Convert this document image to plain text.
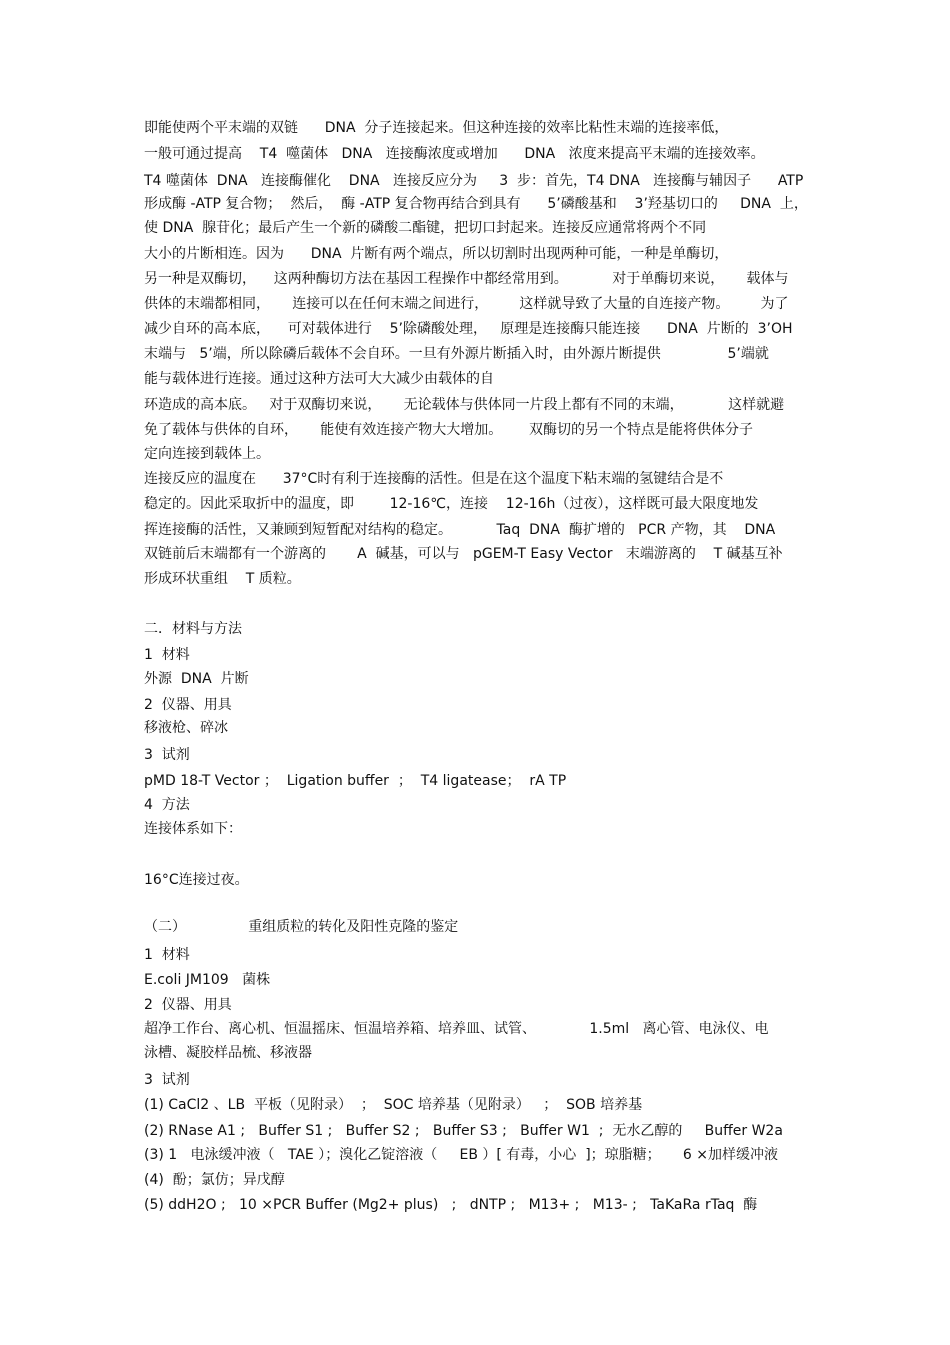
即能使两个平末端的双链      DNA  分子连接起来。但这种连接的效率比粘性末端的连接率低，
一般可通过提高    T4  噬菌体   DNA   连接酶浓度或增加      DNA   浓度来提高平末端的连接效率。
T4 噬菌体  DNA   连接酶催化    DNA   连接反应分为     3  步：首先，T4 DNA   连接酶与辅因子      ATP
形成酶 -ATP 复合物；  然后，  酶 -ATP 复合物再结合到具有      5’磷酸基和    3’羟基切口的     DNA  上，
使 DNA  腺苷化；最后产生一个新的磷酸二酯键，把切口封起来。连接反应通常将两个不同
大小的片断相连。因为      DNA  片断有两个端点，所以切割时出现两种可能，一种是单酶切，
另一种是双酶切，    这两种酶切方法在基因工程操作中都经常用到。          对于单酶切来说，     载体与
供体的末端都相同，     连接可以在任何末端之间进行，       这样就导致了大量的自连接产物。       为了
减少自环的高本底，    可对载体进行    5’除磷酸处理，   原理是连接酶只能连接      DNA  片断的  3’OH
末端与   5’端，所以除磷后载体不会自环。一旦有外源片断插入时，由外源片断提供               5’端就
能与载体进行连接。通过这种方法可大大减少由载体的自
环造成的高本底。   对于双酶切来说，     无论载体与供体同一片段上都有不同的末端，          这样就避
免了载体与供体的自环，     能使有效连接产物大大增加。      双酶切的另一个特点是能将供体分子
定向连接到载体上。
连接反应的温度在      37°C时有利于连接酶的活性。但是在这个温度下粘末端的氢键结合是不
稳定的。因此采取折中的温度，即        12-16℃，连接    12-16h（过夜），这样既可最大限度地发
挥连接酶的活性，又兼顾到短暂配对结构的稳定。          Taq  DNA  酶扩增的   PCR 产物，其    DNA
双链前后末端都有一个游离的       A  碱基，可以与   pGEM-T Easy Vector   末端游离的    T 碱基互补
形成环状重组    T 质粒。
二．材料与方法
1  材料
外源  DNA  片断
2  仪器、用具
移液枪、碎冰
3  试剂
pMD 18-T Vector ；  Ligation buffer  ；  T4 ligatease；  rA TP
4  方法
连接体系如下：
16°C连接过夜。
（二）              重组质粒的转化及阳性克隆的鉴定
1  材料
E.coli JM109   菌株
2  仪器、用具
超净工作台、离心机、恒温摇床、恒温培养箱、培养皿、试管、            1.5ml   离心管、电泳仪、电
泳槽、凝胶样品梳、移液器
3  试剂
(1) CaCl2 、LB  平板（见附录）  ；  SOC 培养基（见附录）   ；  SOB 培养基
(2) RNase A1 ;   Buffer S1 ;   Buffer S2 ;   Buffer S3 ;   Buffer W1  ;  无水乙醇的     Buffer W2a
(3) 1   电泳缓冲液（   TAE ）；溴化乙锭溶液（     EB ）[ 有毒，小心  ]；琼脂糖；     6 ×加样缓冲液
(4)  酚；氯仿；异戊醇
(5) ddH2O ;   10 ×PCR Buffer (Mg2+ plus)   ;   dNTP ;   M13+ ;   M13- ;   TaKaRa rTaq  酶
